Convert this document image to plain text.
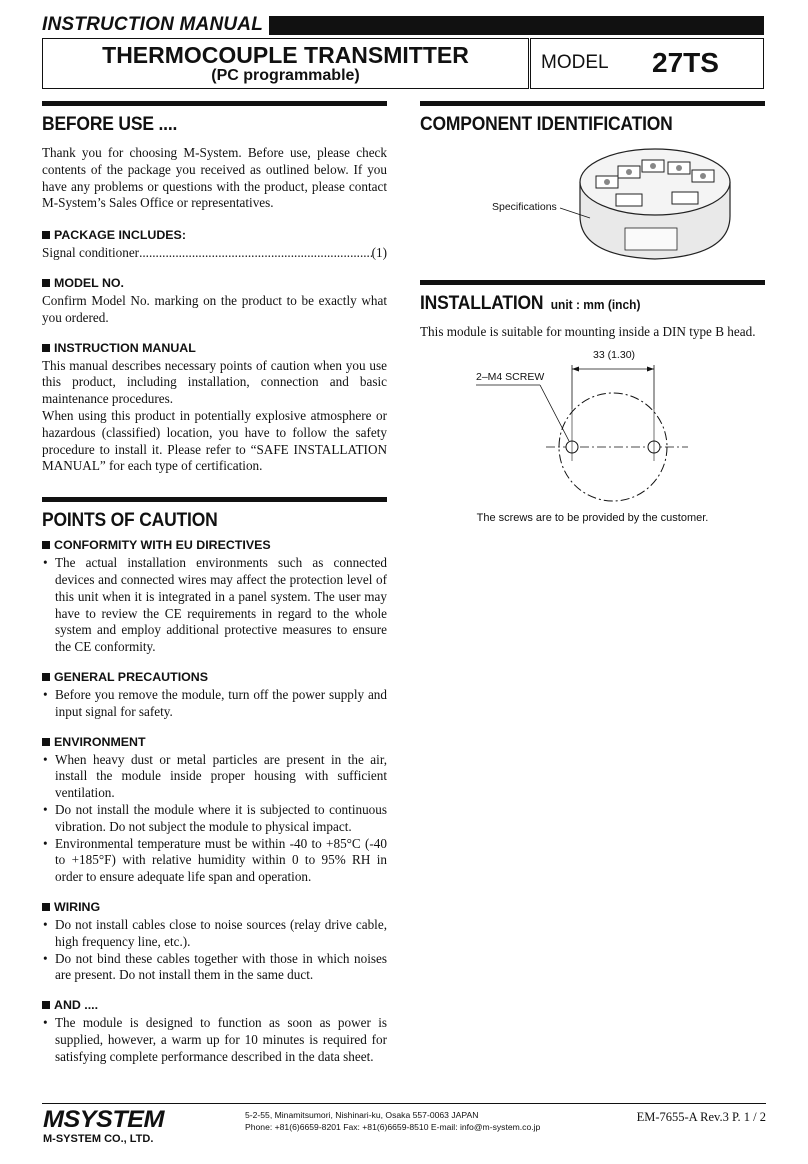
INSTRUCTION MANUAL
THERMOCOUPLE TRANSMITTER
(PC programmable)
MODEL 27TS
BEFORE USE ....

Thank you for choosing M-System. Before use, please check contents of the package you received as outlined below. If you have any problems or questions with the product, please contact M-System’s Sales Office or representatives.

PACKAGE INCLUDES:
Signal conditioner
.....	(1)
MODEL NO.

Confirm Model No. marking on the product to be exactly what you ordered.

INSTRUCTION MANUAL

This manual describes necessary points of caution when you use this product, including installation, connection and basic maintenance procedures.

When using this product in potentially explosive atmosphere or hazardous (classified) location, you have to follow the safety procedure to install it. Please refer to “SAFE INSTALLATION MANUAL” for each type of certification.

POINTS OF CAUTION
CONFORMITY WITH EU DIRECTIVES
• The actual installation environments such as connected devices and connected wires may affect the protection level of this unit when it is integrated in a panel system. The user may have to review the CE requirements in regard to the whole system and employ additional protective measures to ensure the CE conformity.
GENERAL PRECAUTIONS
• Before you remove the module, turn off the power supply and input signal for safety.
ENVIRONMENT
• When heavy dust or metal particles are present in the air, install the module inside proper housing with sufficient ventilation.
• Do not install the module where it is subjected to continuous vibration. Do not subject the module to physical impact.
• Environmental temperature must be within -40 to +85°C (-40 to +185°F) with relative humidity within 0 to 95% RH in order to ensure adequate life span and operation.
WIRING
• Do not install cables close to noise sources (relay drive cable, high frequency line, etc.).
• Do not bind these cables together with those in which noises are present. Do not install them in the same duct.
AND ....
• The module is designed to function as soon as power is supplied, however, a warm up for 10 minutes is required for satisfying complete performance described in the data sheet.
COMPONENT IDENTIFICATION
Specifications
INSTALLATION unit : mm (inch)

This module is suitable for mounting inside a DIN type B head.

33 (1.30)
2–M4 SCREW
The screws are to be provided by the customer.
MSYSTEM
M-SYSTEM CO., LTD.
5-2-55, Minamitsumori, Nishinari-ku, Osaka 557-0063 JAPAN
Phone: +81(6)6659-8201 Fax: +81(6)6659-8510 E-mail: info@m-system.co.jp
EM-7655-A Rev.3 P. 1 / 2
